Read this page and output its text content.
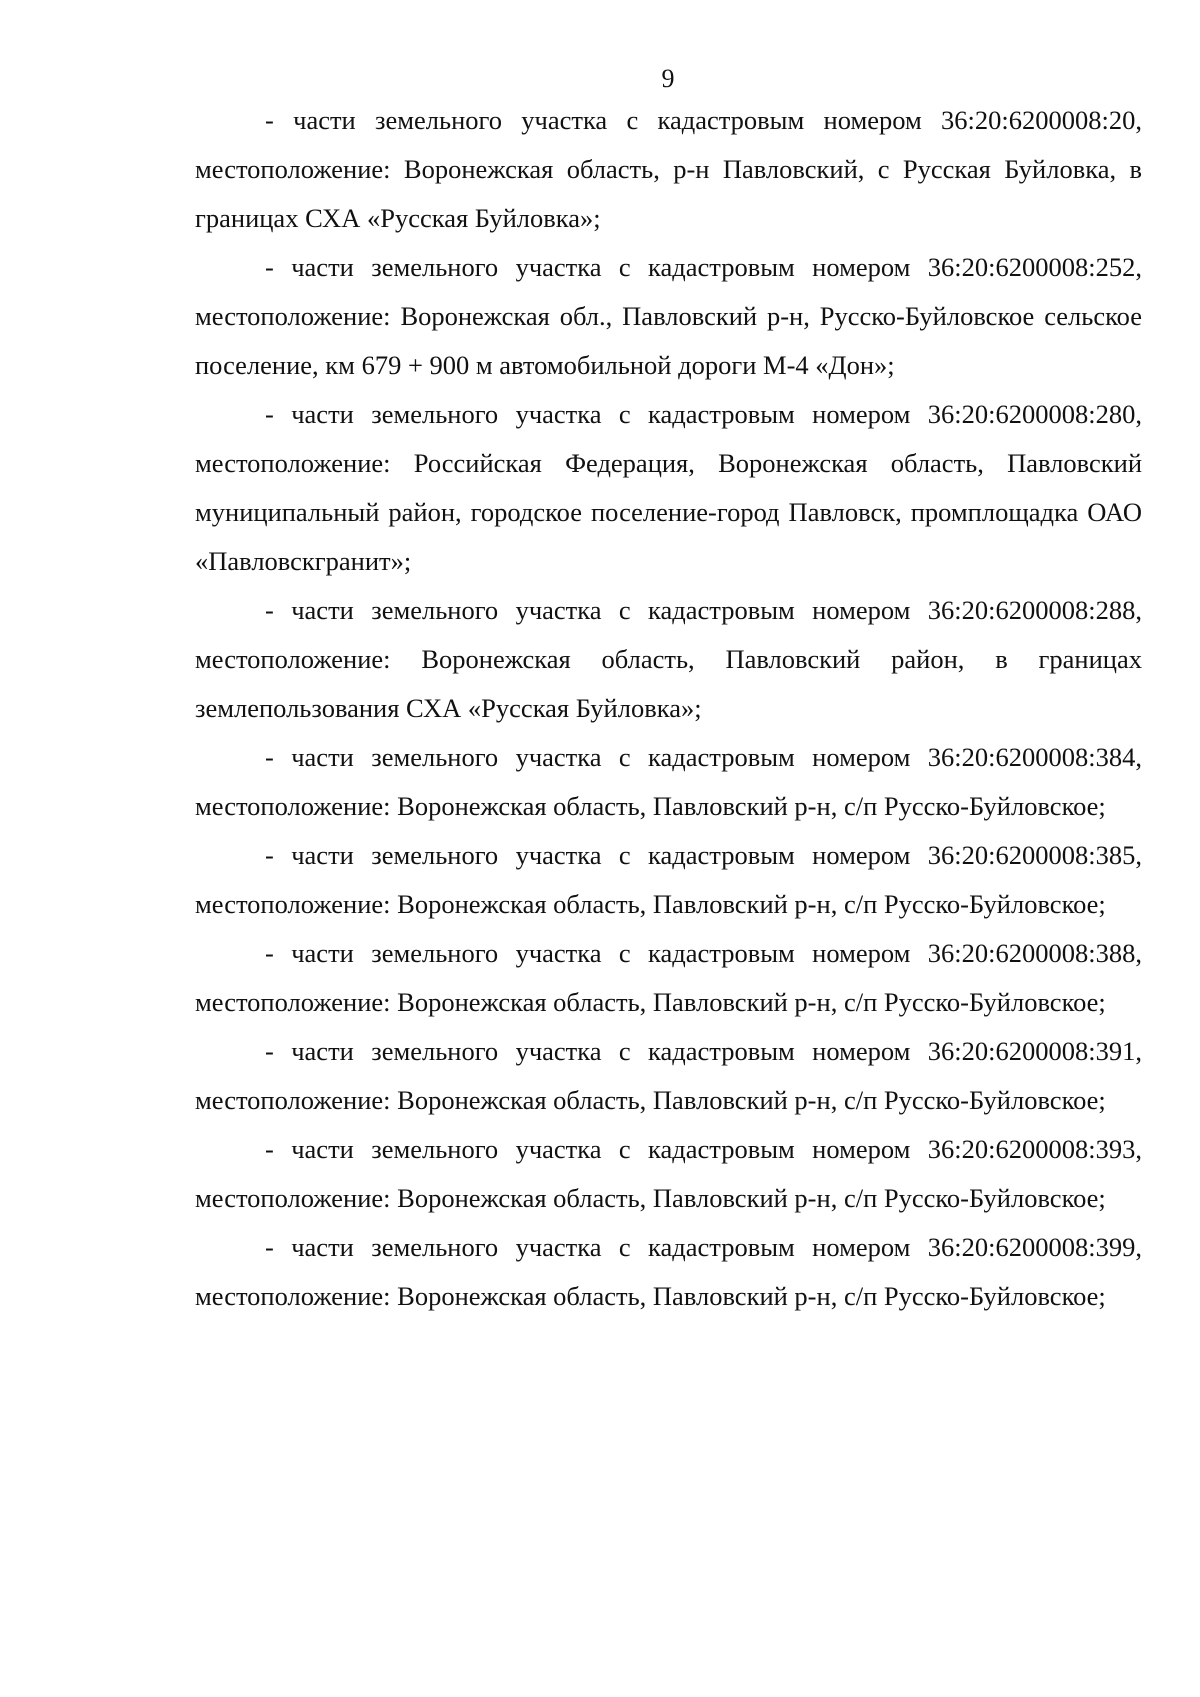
9

- части земельного участка с кадастровым номером 36:20:6200008:20, местоположение: Воронежская область, р-н Павловский, с Русская Буйловка, в границах СХА «Русская Буйловка»;

- части земельного участка с кадастровым номером 36:20:6200008:252, местоположение: Воронежская обл., Павловский р-н, Русско-Буйловское сельское поселение, км 679 + 900 м автомобильной дороги М-4 «Дон»;

- части земельного участка с кадастровым номером 36:20:6200008:280, местоположение: Российская Федерация, Воронежская область, Павловский муниципальный район, городское поселение-город Павловск, промплощадка ОАО «Павловскгранит»;

- части земельного участка с кадастровым номером 36:20:6200008:288, местоположение: Воронежская область, Павловский район, в границах землепользования СХА «Русская Буйловка»;

- части земельного участка с кадастровым номером 36:20:6200008:384, местоположение: Воронежская область, Павловский р-н, с/п Русско-Буйловское;

- части земельного участка с кадастровым номером 36:20:6200008:385, местоположение: Воронежская область, Павловский р-н, с/п Русско-Буйловское;

- части земельного участка с кадастровым номером 36:20:6200008:388, местоположение: Воронежская область, Павловский р-н, с/п Русско-Буйловское;

- части земельного участка с кадастровым номером 36:20:6200008:391, местоположение: Воронежская область, Павловский р-н, с/п Русско-Буйловское;

- части земельного участка с кадастровым номером 36:20:6200008:393, местоположение: Воронежская область, Павловский р-н, с/п Русско-Буйловское;

- части земельного участка с кадастровым номером 36:20:6200008:399, местоположение: Воронежская область, Павловский р-н, с/п Русско-Буйловское;
